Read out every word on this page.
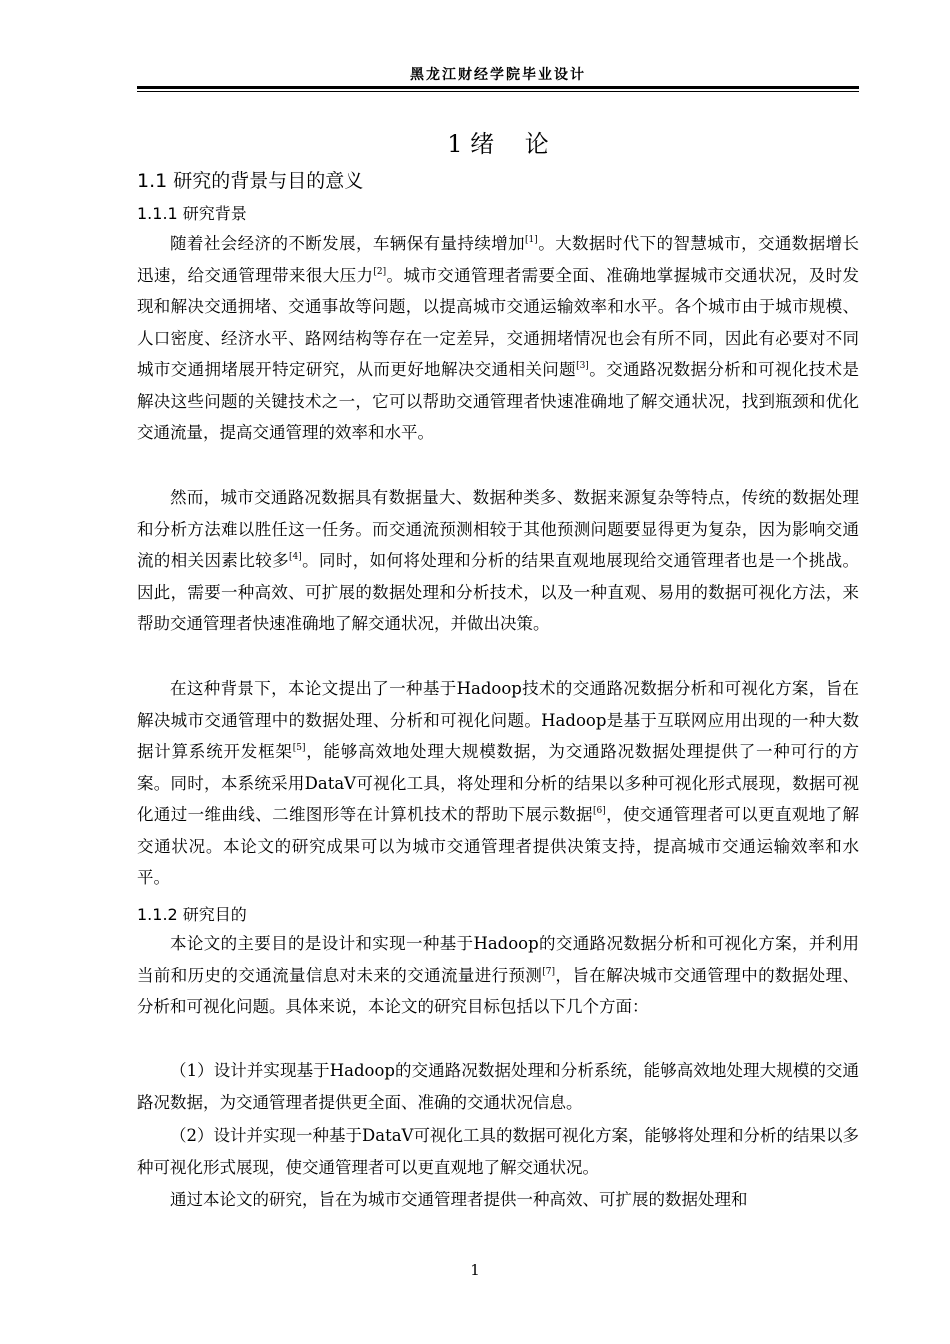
黑龙江财经学院毕业设计
1 绪    论
1.1 研究的背景与目的意义
1.1.1 研究背景

随着社会经济的不断发展，车辆保有量持续增加[1]。大数据时代下的智慧城市，交通数据增长迅速，给交通管理带来很大压力[2]。城市交通管理者需要全面、准确地掌握城市交通状况，及时发现和解决交通拥堵、交通事故等问题，以提高城市交通运输效率和水平。各个城市由于城市规模、人口密度、经济水平、路网结构等存在一定差异，交通拥堵情况也会有所不同，因此有必要对不同城市交通拥堵展开特定研究，从而更好地解决交通相关问题[3]。交通路况数据分析和可视化技术是解决这些问题的关键技术之一，它可以帮助交通管理者快速准确地了解交通状况，找到瓶颈和优化交通流量，提高交通管理的效率和水平。

然而，城市交通路况数据具有数据量大、数据种类多、数据来源复杂等特点，传统的数据处理和分析方法难以胜任这一任务。而交通流预测相较于其他预测问题要显得更为复杂，因为影响交通流的相关因素比较多[4]。同时，如何将处理和分析的结果直观地展现给交通管理者也是一个挑战。因此，需要一种高效、可扩展的数据处理和分析技术，以及一种直观、易用的数据可视化方法，来帮助交通管理者快速准确地了解交通状况，并做出决策。

在这种背景下，本论文提出了一种基于Hadoop技术的交通路况数据分析和可视化方案，旨在解决城市交通管理中的数据处理、分析和可视化问题。Hadoop是基于互联网应用出现的一种大数据计算系统开发框架[5]，能够高效地处理大规模数据，为交通路况数据处理提供了一种可行的方案。同时，本系统采用DataV可视化工具，将处理和分析的结果以多种可视化形式展现，数据可视化通过一维曲线、二维图形等在计算机技术的帮助下展示数据[6]，使交通管理者可以更直观地了解交通状况。本论文的研究成果可以为城市交通管理者提供决策支持，提高城市交通运输效率和水平。

1.1.2 研究目的

本论文的主要目的是设计和实现一种基于Hadoop的交通路况数据分析和可视化方案，并利用当前和历史的交通流量信息对未来的交通流量进行预测[7]，旨在解决城市交通管理中的数据处理、分析和可视化问题。具体来说，本论文的研究目标包括以下几个方面：

（1）设计并实现基于Hadoop的交通路况数据处理和分析系统，能够高效地处理大规模的交通路况数据，为交通管理者提供更全面、准确的交通状况信息。

（2）设计并实现一种基于DataV可视化工具的数据可视化方案，能够将处理和分析的结果以多种可视化形式展现，使交通管理者可以更直观地了解交通状况。

通过本论文的研究，旨在为城市交通管理者提供一种高效、可扩展的数据处理和

1
